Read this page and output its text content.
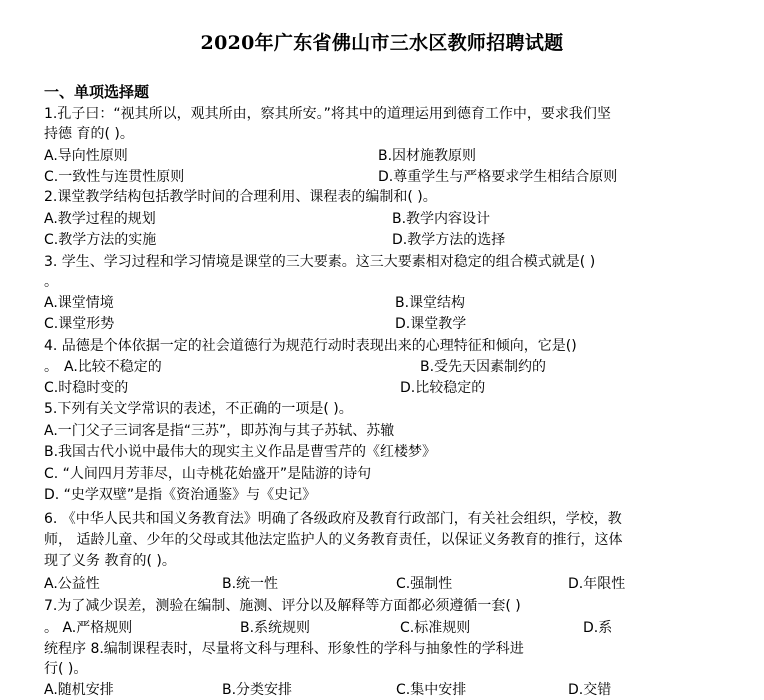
2020年广东省佛山市三水区教师招聘试题
一、单项选择题
1.孔子曰：“视其所以，观其所由，察其所安。”将其中的道理运用到德育工作中，要求我们坚
持德 育的( )。
A.导向性原则	B.因材施教原则
C.一致性与连贯性原则	D.尊重学生与严格要求学生相结合原则
2.课堂教学结构包括教学时间的合理利用、课程表的编制和( )。
A.教学过程的规划	B.教学内容设计
C.教学方法的实施	D.教学方法的选择
3. 学生、学习过程和学习情境是课堂的三大要素。这三大要素相对稳定的组合模式就是( )
。
A.课堂情境	B.课堂结构
C.课堂形势	D.课堂教学
4. 品德是个体依据一定的社会道德行为规范行动时表现出来的心理特征和倾向，它是()
。 A.比较不稳定的	B.受先天因素制约的
C.时稳时变的	D.比较稳定的
5.下列有关文学常识的表述，不正确的一项是( )。
A.一门父子三词客是指“三苏”，即苏洵与其子苏轼、苏辙
B.我国古代小说中最伟大的现实主义作品是曹雪芹的《红楼梦》
C. “人间四月芳菲尽，山寺桃花始盛开”是陆游的诗句
D. “史学双壁”是指《资治通鉴》与《史记》
6. 《中华人民共和国义务教育法》明确了各级政府及教育行政部门，有关社会组织，学校，教
师， 适龄儿童、少年的父母或其他法定监护人的义务教育责任，以保证义务教育的推行，这体
现了义务 教育的( )。
A.公益性	B.统一性	C.强制性	D.年限性
7.为了减少误差，测验在编制、施测、评分以及解释等方面都必须遵循一套( )
。 A.严格规则	B.系统规则	C.标准规则	D.系
统程序 8.编制课程表时，尽量将文科与理科、形象性的学科与抽象性的学科进
行( )。
A.随机安排	B.分类安排	C.集中安排	D.交错
